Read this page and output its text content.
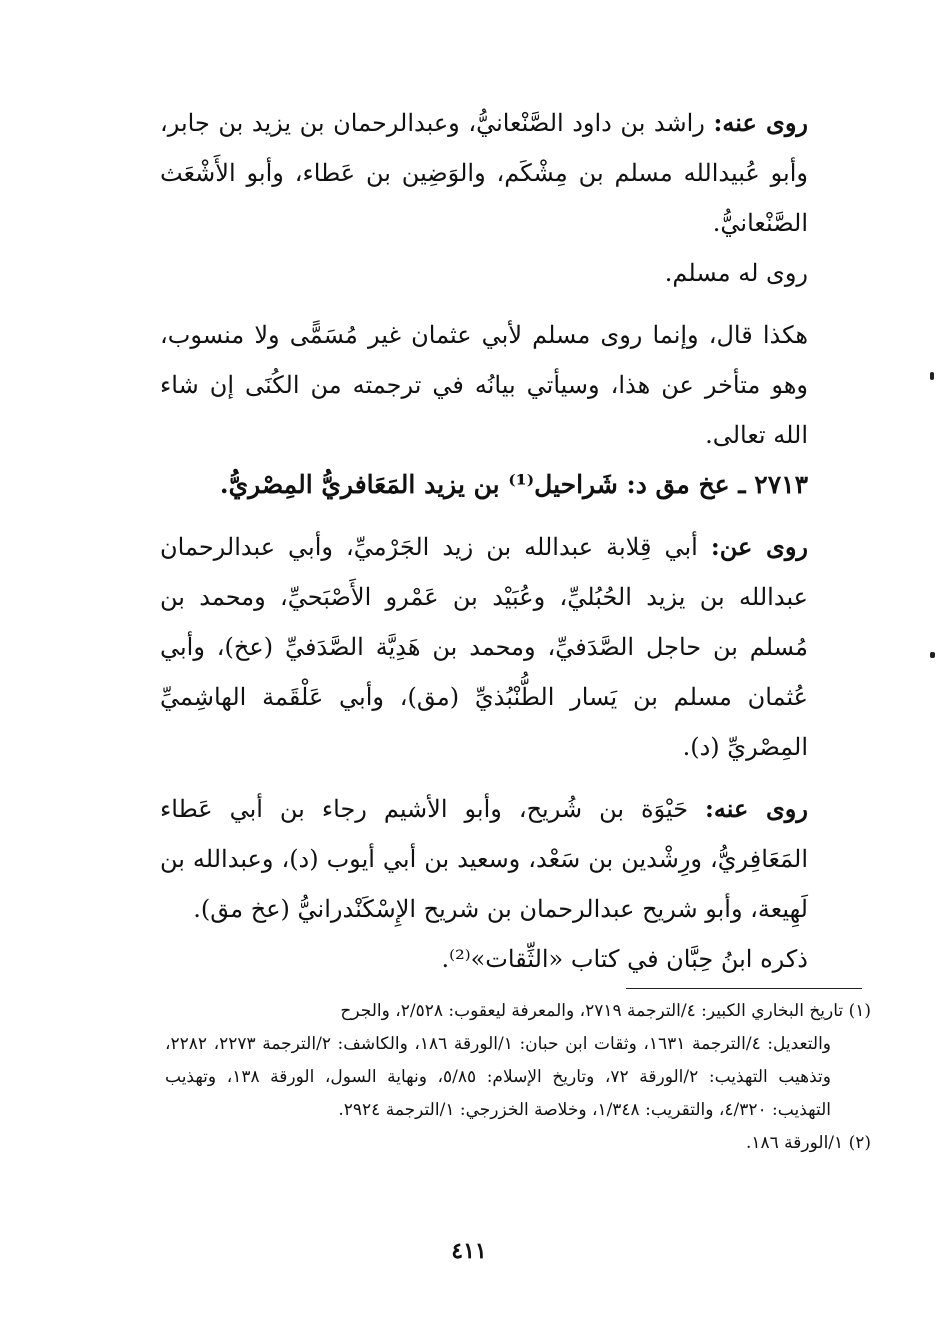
روى عنه: راشد بن داود الصَّنْعانيُّ، وعبدالرحمان بن يزيد بن جابر، وأبو عُبيدالله مسلم بن مِشْكَم، والوَضِين بن عَطاء، وأبو الأَشْعَث الصَّنْعانيُّ.

روى له مسلم.

هكذا قال، وإنما روى مسلم لأبي عثمان غير مُسَمًّى ولا منسوب، وهو متأخر عن هذا، وسيأتي بيانُه في ترجمته من الكُنَى إن شاء الله تعالى.

٢٧١٣ ـ عخ مق د: شَراحيل⁽¹⁾ بن يزيد المَعَافريُّ المِصْريُّ.

روى عن: أبي قِلابة عبدالله بن زيد الجَرْميِّ، وأبي عبدالرحمان عبدالله بن يزيد الحُبُليِّ، وعُبَيْد بن عَمْرو الأَصْبَحيِّ، ومحمد بن مُسلم بن حاجل الصَّدَفيِّ، ومحمد بن هَدِيَّة الصَّدَفيِّ (عخ)، وأبي عُثمان مسلم بن يَسار الطُّنْبُذيِّ (مق)، وأبي عَلْقَمة الهاشِميِّ المِصْريِّ (د).

روى عنه: حَيْوَة بن شُريح، وأبو الأشيم رجاء بن أبي عَطاء المَعَافِريُّ، ورِشْدين بن سَعْد، وسعيد بن أبي أيوب (د)، وعبدالله بن لَهِيعة، وأبو شريح عبدالرحمان بن شريح الإِسْكَنْدرانيُّ (عخ مق).

ذكره ابنُ حِبَّان في كتاب «الثِّقات»⁽²⁾.

(١) تاريخ البخاري الكبير: ٤/الترجمة ٢٧١٩، والمعرفة ليعقوب: ٢/٥٢٨، والجرح

والتعديل: ٤/الترجمة ١٦٣١، وثقات ابن حبان: ١/الورقة ١٨٦، والكاشف: ٢/الترجمة ٢٢٧٣، ٢٢٨٢، وتذهيب التهذيب: ٢/الورقة ٧٢، وتاريخ الإسلام: ٥/٨٥، ونهاية السول، الورقة ١٣٨، وتهذيب التهذيب: ٤/٣٢٠، والتقريب: ١/٣٤٨، وخلاصة الخزرجي: ١/الترجمة ٢٩٢٤.

(٢) ١/الورقة ١٨٦.

٤١١
